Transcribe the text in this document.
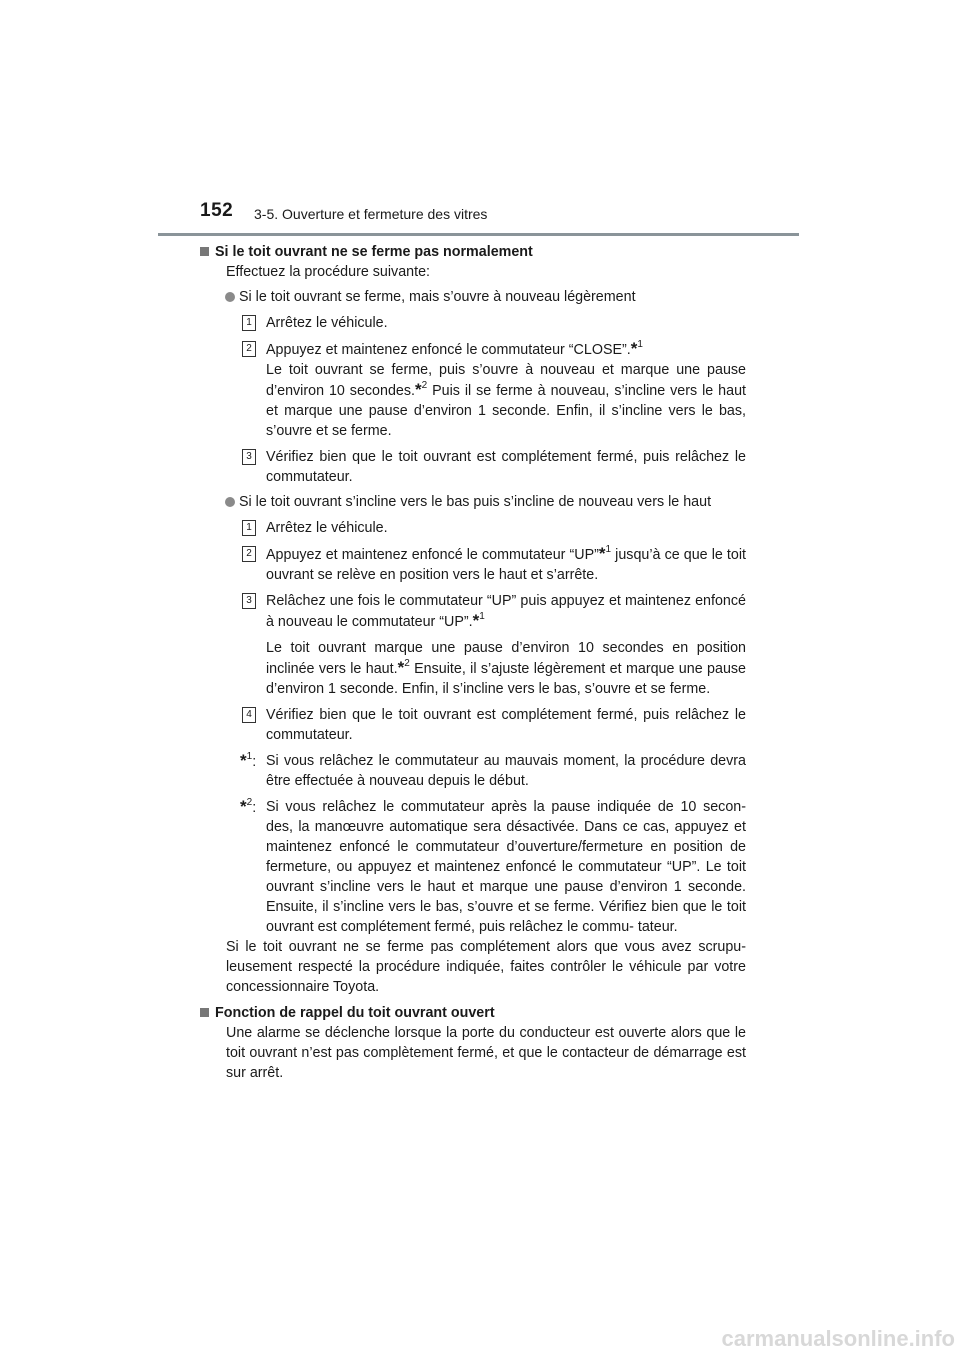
152 3-5. Ouverture et fermeture des vitres
Si le toit ouvrant ne se ferme pas normalement

Effectuez la procédure suivante:

Si le toit ouvrant se ferme, mais s’ouvre à nouveau légèrement
1 Arrêtez le véhicule.

2 Appuyez et maintenez enfoncé le commutateur “CLOSE”.*$^1$
Le toit ouvrant se ferme, puis s’ouvre à nouveau et marque une pause d’environ 10 secondes.*$^2$ Puis il se ferme à nouveau, s’incline vers le haut et marque une pause d’environ 1 seconde. Enfin, il s’incline vers le bas, s’ouvre et se ferme.

3 Vérifiez bien que le toit ouvrant est complétement fermé, puis relâchez le commutateur.

Si le toit ouvrant s’incline vers le bas puis s’incline de nouveau vers le haut
1 Arrêtez le véhicule.

2 Appuyez et maintenez enfoncé le commutateur “UP”*$^1$ jusqu’à ce que le toit ouvrant se relève en position vers le haut et s’arrête.

3 Relâchez une fois le commutateur “UP” puis appuyez et maintenez enfoncé à nouveau le commutateur “UP”.*$^1$

Le toit ouvrant marque une pause d’environ 10 secondes en position inclinée vers le haut.*$^2$ Ensuite, il s’ajuste légèrement et marque une pause d’environ 1 seconde. Enfin, il s’incline vers le bas, s’ouvre et se ferme.

4 Vérifiez bien que le toit ouvrant est complétement fermé, puis relâchez le commutateur.

*$^1$: Si vous relâchez le commutateur au mauvais moment, la procédure devra être effectuée à nouveau depuis le début.

*$^2$: Si vous relâchez le commutateur après la pause indiquée de 10 secon- des, la manœuvre automatique sera désactivée. Dans ce cas, appuyez et maintenez enfoncé le commutateur d’ouverture/fermeture en position de fermeture, ou appuyez et maintenez enfoncé le commutateur “UP”. Le toit ouvrant s’incline vers le haut et marque une pause d’environ 1 seconde. Ensuite, il s’incline vers le bas, s’ouvre et se ferme. Vérifiez bien que le toit ouvrant est complétement fermé, puis relâchez le commu- tateur.

Si le toit ouvrant ne se ferme pas complétement alors que vous avez scrupu- leusement respecté la procédure indiquée, faites contrôler le véhicule par votre concessionnaire Toyota.

Fonction de rappel du toit ouvrant ouvert

Une alarme se déclenche lorsque la porte du conducteur est ouverte alors que le toit ouvrant n’est pas complètement fermé, et que le contacteur de démarrage est sur arrêt.

carmanualsonline.info
